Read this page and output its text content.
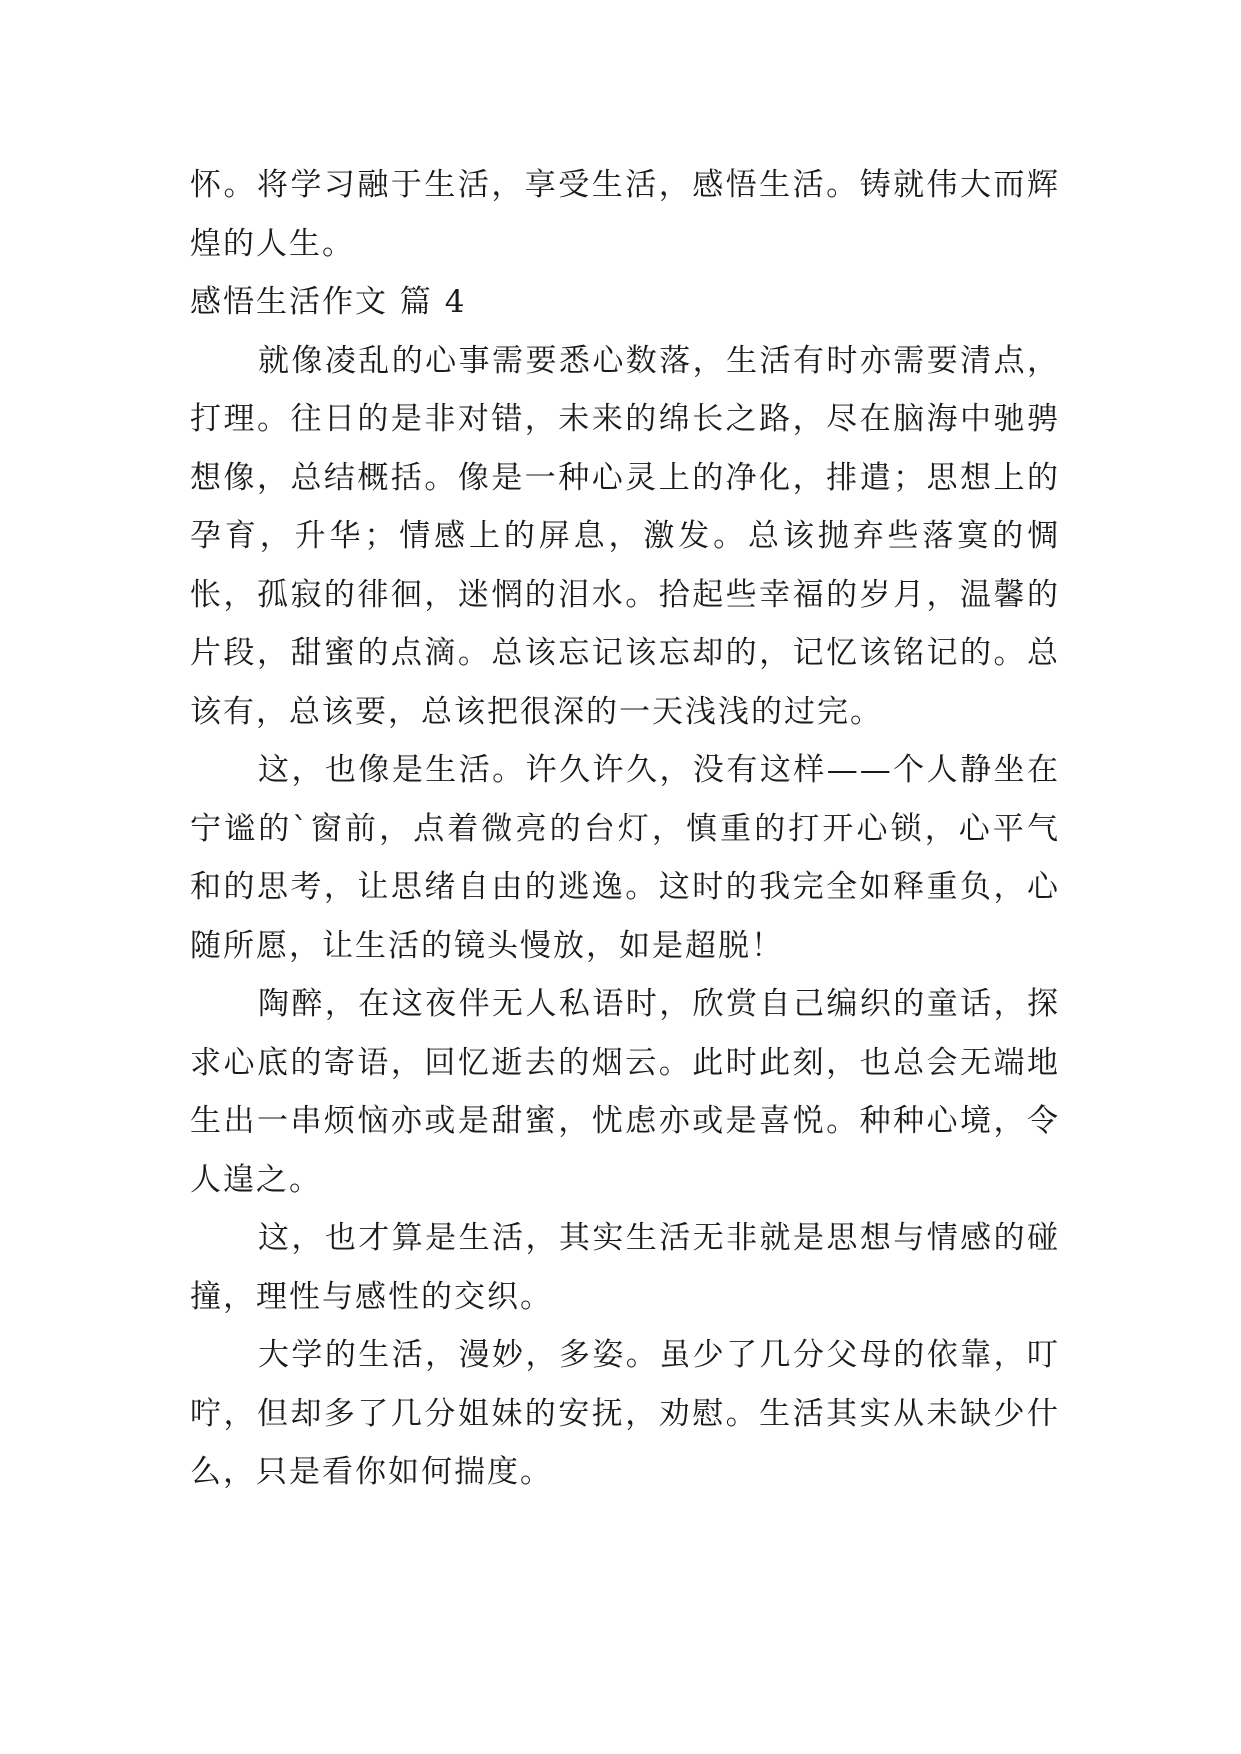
怀。将学习融于生活，享受生活，感悟生活。铸就伟大而辉煌的人生。

感悟生活作文 篇 4

就像凌乱的心事需要悉心数落，生活有时亦需要清点，打理。往日的是非对错，未来的绵长之路，尽在脑海中驰骋想像，总结概括。像是一种心灵上的净化，排遣；思想上的孕育，升华；情感上的屏息，激发。总该抛弃些落寞的惆怅，孤寂的徘徊，迷惘的泪水。拾起些幸福的岁月，温馨的片段，甜蜜的点滴。总该忘记该忘却的，记忆该铭记的。总该有，总该要，总该把很深的一天浅浅的过完。

这，也像是生活。许久许久，没有这样——个人静坐在宁谧的`窗前，点着微亮的台灯，慎重的打开心锁，心平气和的思考，让思绪自由的逃逸。这时的我完全如释重负，心随所愿，让生活的镜头慢放，如是超脱！

陶醉，在这夜伴无人私语时，欣赏自己编织的童话，探求心底的寄语，回忆逝去的烟云。此时此刻，也总会无端地生出一串烦恼亦或是甜蜜，忧虑亦或是喜悦。种种心境，令人遑之。

这，也才算是生活，其实生活无非就是思想与情感的碰撞，理性与感性的交织。

大学的生活，漫妙，多姿。虽少了几分父母的依靠，叮咛，但却多了几分姐妹的安抚，劝慰。生活其实从未缺少什么，只是看你如何揣度。
